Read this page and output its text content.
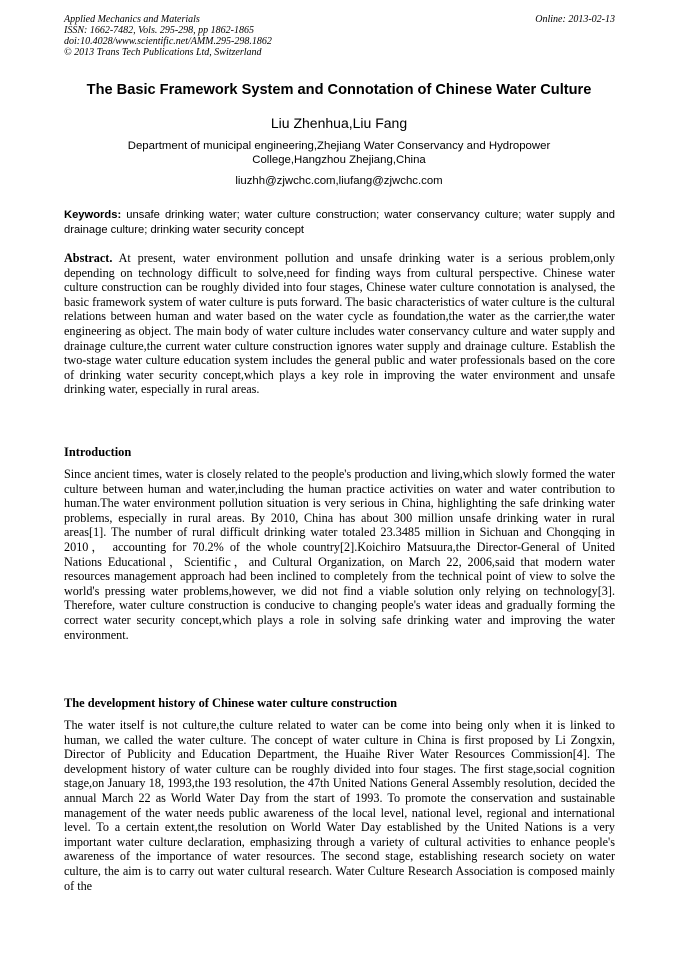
Applied Mechanics and Materials
ISSN: 1662-7482, Vols. 295-298, pp 1862-1865
doi:10.4028/www.scientific.net/AMM.295-298.1862
© 2013 Trans Tech Publications Ltd, Switzerland
Online: 2013-02-13
The Basic Framework System and Connotation of Chinese Water Culture
Liu Zhenhua,Liu Fang
Department of municipal engineering,Zhejiang Water Conservancy and Hydropower College,Hangzhou Zhejiang,China
liuzhh@zjwchc.com,liufang@zjwchc.com
Keywords: unsafe drinking water; water culture construction; water conservancy culture; water supply and drainage culture; drinking water security concept

Abstract. At present, water environment pollution and unsafe drinking water is a serious problem,only depending on technology difficult to solve,need for finding ways from cultural perspective. Chinese water culture construction can be roughly divided into four stages, Chinese water culture connotation is analysed, the basic framework system of water culture is puts forward. The basic characteristics of water culture is the cultural relations between human and water based on the water cycle as foundation,the water as the carrier,the water engineering as object. The main body of water culture includes water conservancy culture and water supply and drainage culture,the current water culture construction ignores water supply and drainage culture. Establish the two-stage water culture education system includes the general public and water professionals based on the core of drinking water security concept,which plays a key role in improving the water environment and unsafe drinking water, especially in rural areas.

Introduction

Since ancient times, water is closely related to the people's production and living,which slowly formed the water culture between human and water,including the human practice activities on water and water contribution to human.The water environment pollution situation is very serious in China, highlighting the safe drinking water problems, especially in rural areas. By 2010, China has about 300 million unsafe drinking water in rural areas[1]. The number of rural difficult drinking water totaled 23.3485 million in Sichuan and Chongqing in 2010， accounting for 70.2% of the whole country[2].Koichiro Matsuura,the Director-General of United Nations Educational，Scientific，and Cultural Organization, on March 22, 2006,said that modern water resources management approach had been inclined to completely from the technical point of view to solve the world's pressing water problems,however, we did not find a viable solution only relying on technology[3]. Therefore, water culture construction is conducive to changing people's water ideas and gradually forming the correct water security concept,which plays a role in solving safe drinking water and improving the water environment.

The development history of Chinese water culture construction

The water itself is not culture,the culture related to water can be come into being only when it is linked to human, we called the water culture. The concept of water culture in China is first proposed by Li Zongxin, Director of Publicity and Education Department, the Huaihe River Water Resources Commission[4]. The development history of water culture can be roughly divided into four stages. The first stage,social cognition stage,on January 18, 1993,the 193 resolution, the 47th United Nations General Assembly resolution, decided the annual March 22 as World Water Day from the start of 1993. To promote the conservation and sustainable management of the water needs public awareness of the local level, national level, regional and international level. To a certain extent,the resolution on World Water Day established by the United Nations is a very important water culture declaration, emphasizing through a variety of cultural activities to enhance people's awareness of the importance of water resources. The second stage, establishing research society on water culture, the aim is to carry out water cultural research. Water Culture Research Association is composed mainly of the
